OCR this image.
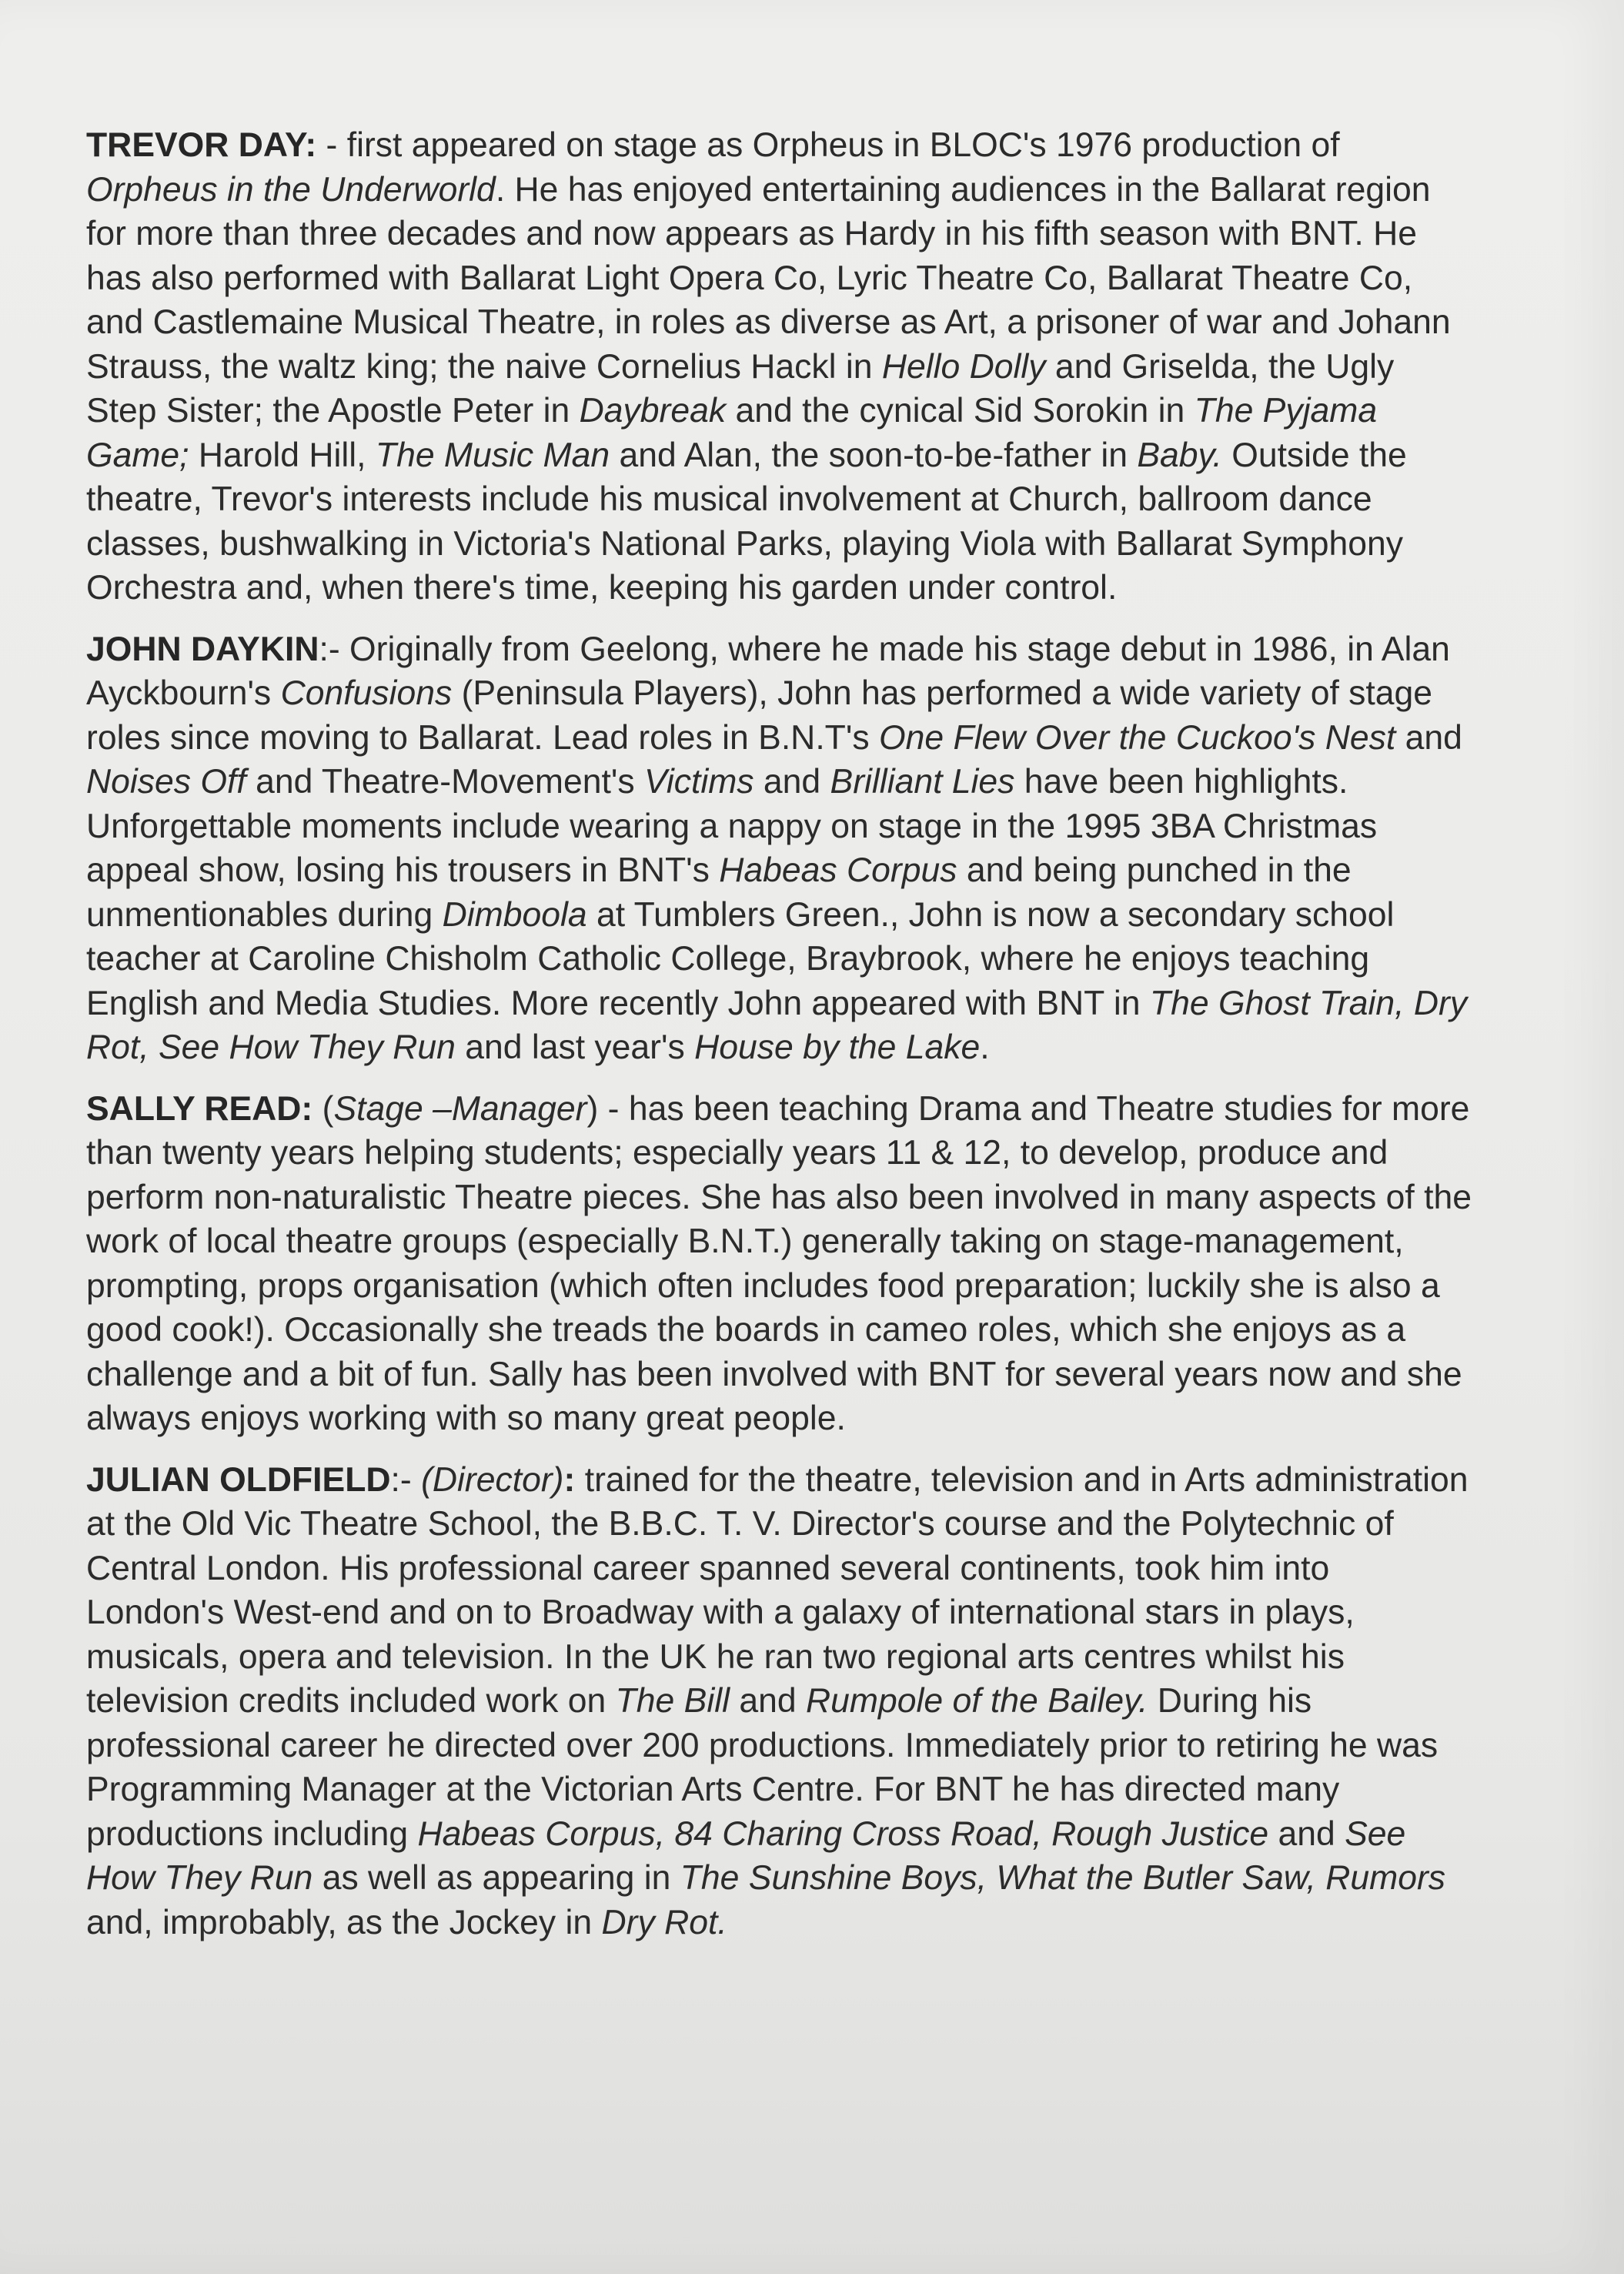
TREVOR DAY: - first appeared on stage as Orpheus in BLOC's 1976 production of Orpheus in the Underworld. He has enjoyed entertaining audiences in the Ballarat region for more than three decades and now appears as Hardy in his fifth season with BNT. He has also performed with Ballarat Light Opera Co, Lyric Theatre Co, Ballarat Theatre Co, and Castlemaine Musical Theatre, in roles as diverse as Art, a prisoner of war and Johann Strauss, the waltz king; the naive Cornelius Hackl in Hello Dolly and Griselda, the Ugly Step Sister; the Apostle Peter in Daybreak and the cynical Sid Sorokin in The Pyjama Game; Harold Hill, The Music Man and Alan, the soon-to-be-father in Baby. Outside the theatre, Trevor's interests include his musical involvement at Church, ballroom dance classes, bushwalking in Victoria's National Parks, playing Viola with Ballarat Symphony Orchestra and, when there's time, keeping his garden under control.

JOHN DAYKIN:- Originally from Geelong, where he made his stage debut in 1986, in Alan Ayckbourn's Confusions (Peninsula Players), John has performed a wide variety of stage roles since moving to Ballarat. Lead roles in B.N.T's One Flew Over the Cuckoo's Nest and Noises Off and Theatre-Movement's Victims and Brilliant Lies have been highlights. Unforgettable moments include wearing a nappy on stage in the 1995 3BA Christmas appeal show, losing his trousers in BNT's Habeas Corpus and being punched in the unmentionables during Dimboola at Tumblers Green., John is now a secondary school teacher at Caroline Chisholm Catholic College, Braybrook, where he enjoys teaching English and Media Studies. More recently John appeared with BNT in The Ghost Train, Dry Rot, See How They Run and last year's House by the Lake.

SALLY READ: (Stage –Manager) - has been teaching Drama and Theatre studies for more than twenty years helping students; especially years 11 & 12, to develop, produce and perform non-naturalistic Theatre pieces. She has also been involved in many aspects of the work of local theatre groups (especially B.N.T.) generally taking on stage-management, prompting, props organisation (which often includes food preparation; luckily she is also a good cook!). Occasionally she treads the boards in cameo roles, which she enjoys as a challenge and a bit of fun. Sally has been involved with BNT for several years now and she always enjoys working with so many great people.

JULIAN OLDFIELD:- (Director): trained for the theatre, television and in Arts administration at the Old Vic Theatre School, the B.B.C. T. V. Director's course and the Polytechnic of Central London. His professional career spanned several continents, took him into London's West-end and on to Broadway with a galaxy of international stars in plays, musicals, opera and television. In the UK he ran two regional arts centres whilst his television credits included work on The Bill and Rumpole of the Bailey. During his professional career he directed over 200 productions. Immediately prior to retiring he was Programming Manager at the Victorian Arts Centre. For BNT he has directed many productions including Habeas Corpus, 84 Charing Cross Road, Rough Justice and See How They Run as well as appearing in The Sunshine Boys, What the Butler Saw, Rumors and, improbably, as the Jockey in Dry Rot.
